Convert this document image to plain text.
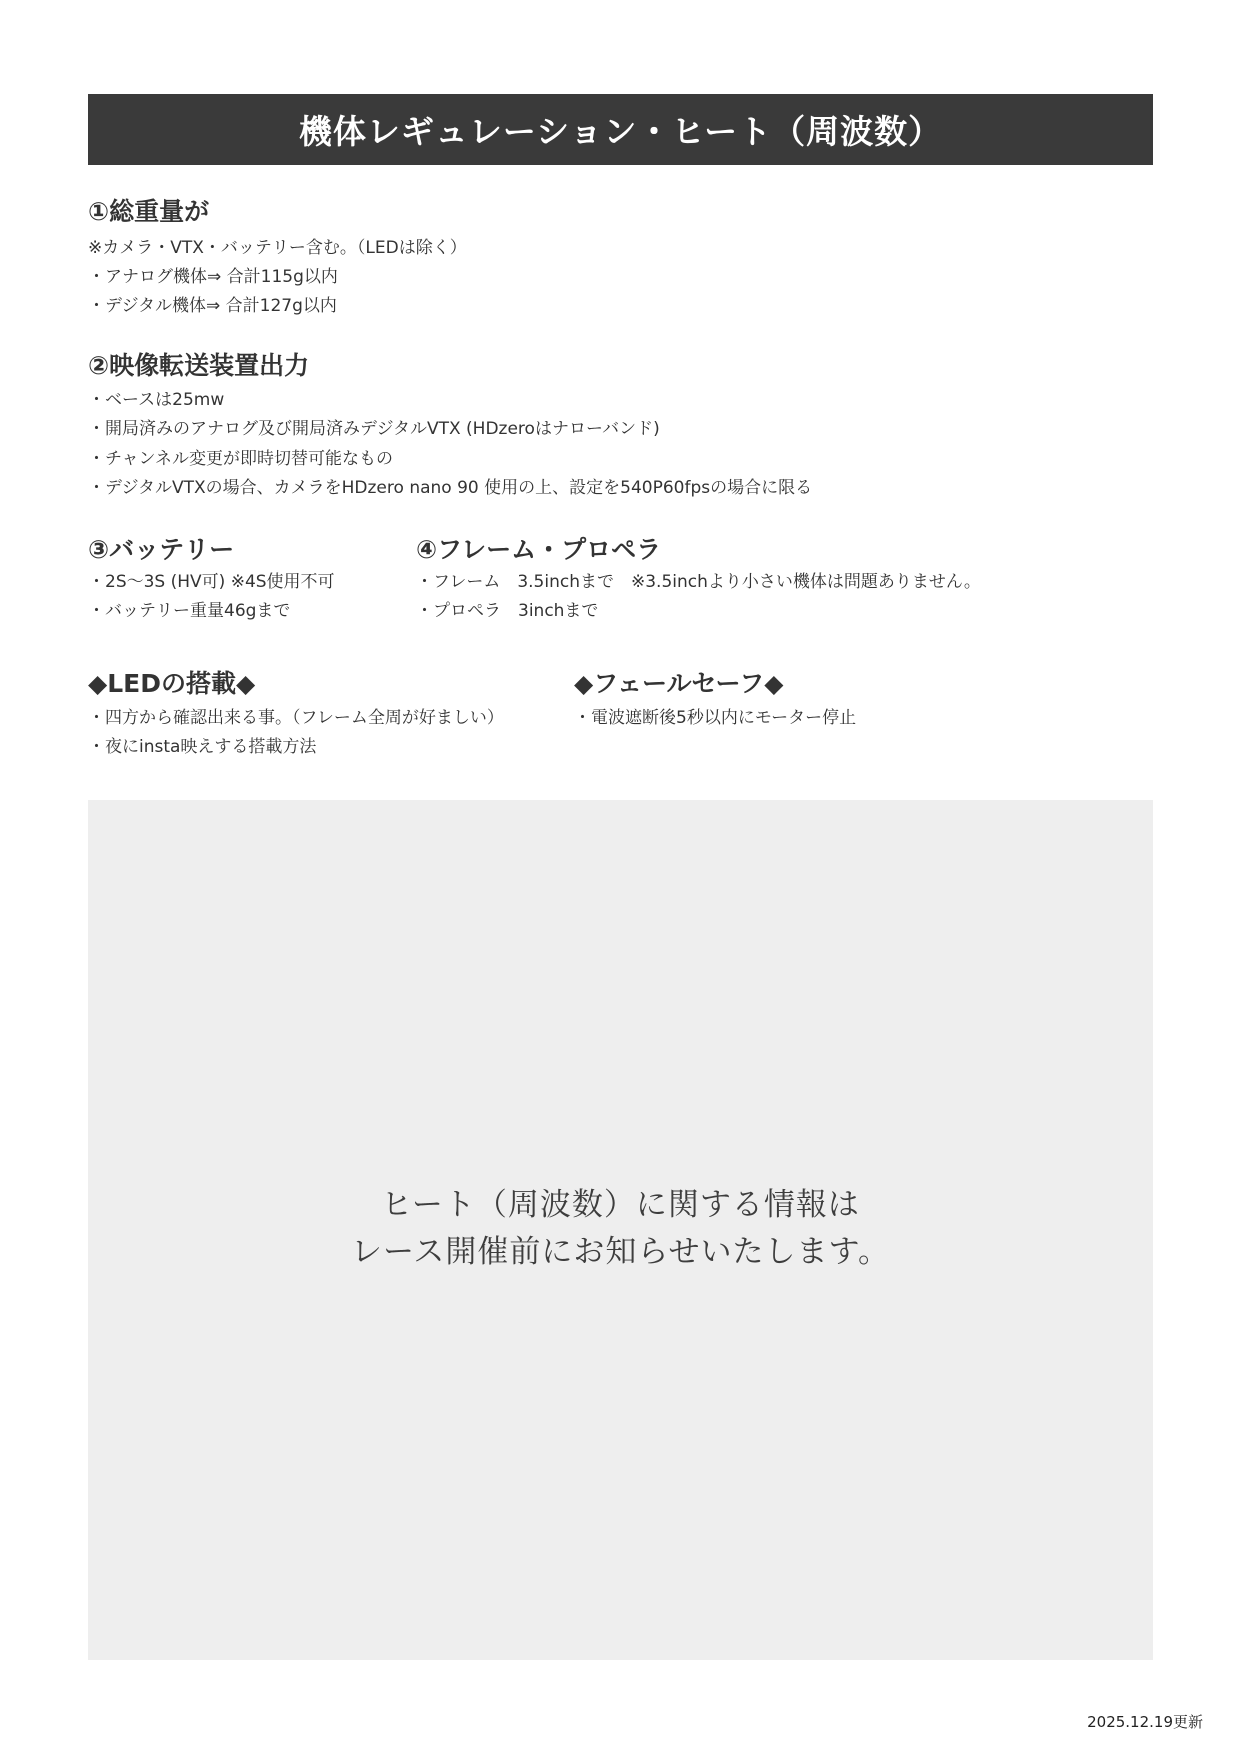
機体レギュレーション・ヒート（周波数）
①総重量が
※カメラ・VTX・バッテリー含む。（LEDは除く）
・アナログ機体⇒ 合計115g以内
・デジタル機体⇒ 合計127g以内
②映像転送装置出力
・ベースは25mw
・開局済みのアナログ及び開局済みデジタルVTX (HDzeroはナローバンド)
・チャンネル変更が即時切替可能なもの
・デジタルVTXの場合、カメラをHDzero nano 90 使用の上、設定を540P60fpsの場合に限る
③バッテリー
・2S〜3S (HV可) ※4S使用不可
・バッテリー重量46gまで
④フレーム・プロペラ
・フレーム　3.5inchまで　※3.5inchより小さい機体は問題ありません。
・プロペラ　3inchまで
◆LEDの搭載◆
・四方から確認出来る事。（フレーム全周が好ましい）
・夜にinsta映えする搭載方法
◆フェールセーフ◆
・電波遮断後5秒以内にモーター停止
ヒート（周波数）に関する情報は
レース開催前にお知らせいたします。
2025.12.19更新
